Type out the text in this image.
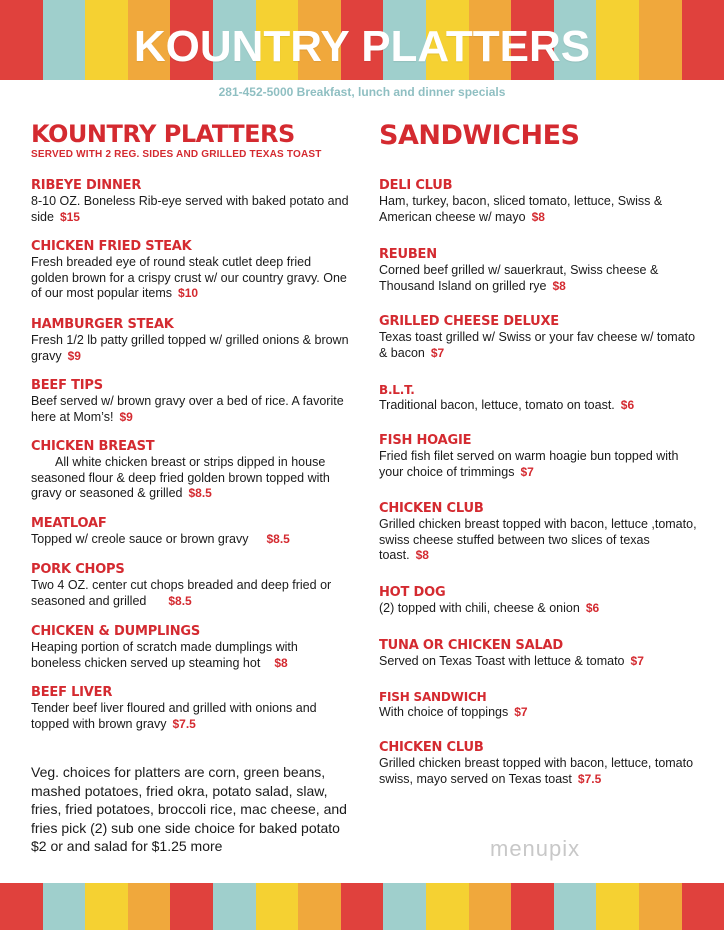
KOUNTRY PLATTERS
281-452-5000 Breakfast, lunch and dinner specials
KOUNTRY PLATTERS
SERVED WITH 2 REG. SIDES AND GRILLED TEXAS TOAST
RIBEYE DINNER
8-10 OZ. Boneless Rib-eye served with baked potato and side $15
CHICKEN FRIED STEAK
Fresh breaded eye of round steak cutlet deep fried golden brown for a crispy crust w/ our country gravy. One of our most popular items $10
HAMBURGER STEAK
Fresh 1/2 lb patty grilled topped w/ grilled onions & brown gravy $9
BEEF TIPS
Beef served w/ brown gravy over a bed of rice. A favorite here at Mom’s! $9
CHICKEN BREAST
All white chicken breast or strips dipped in house seasoned flour & deep fried golden brown topped with gravy or seasoned & grilled $8.5
MEATLOAF
Topped w/ creole sauce or brown gravy $8.5
PORK CHOPS
Two 4 OZ. center cut chops breaded and deep fried or seasoned and grilled $8.5
CHICKEN & DUMPLINGS
Heaping portion of scratch made dumplings with boneless chicken served up steaming hot $8
BEEF LIVER
Tender beef liver floured and grilled with onions and topped with brown gravy $7.5
Veg. choices for platters are corn, green beans, mashed potatoes, fried okra, potato salad, slaw, fries, fried potatoes, broccoli rice, mac cheese, and fries pick (2) sub one side choice for baked potato $2 or and salad for $1.25 more
SANDWICHES
DELI CLUB
Ham, turkey, bacon, sliced tomato, lettuce, Swiss & American cheese w/ mayo $8
REUBEN
Corned beef grilled w/ sauerkraut, Swiss cheese & Thousand Island on grilled rye $8
GRILLED CHEESE DELUXE
Texas toast grilled w/ Swiss or your fav cheese w/ tomato & bacon $7
B.L.T.
Traditional bacon, lettuce, tomato on toast. $6
FISH HOAGIE
Fried fish filet served on warm hoagie bun topped with your choice of trimmings $7
CHICKEN CLUB
Grilled chicken breast topped with bacon, lettuce ,tomato, swiss cheese stuffed between two slices of texas toast. $8
HOT DOG
(2) topped with chili, cheese & onion $6
TUNA OR CHICKEN SALAD
Served on Texas Toast with lettuce & tomato $7
FISH SANDWICH
With choice of toppings $7
CHICKEN CLUB
Grilled chicken breast topped with bacon, lettuce, tomato swiss, mayo served on Texas toast $7.5
menupix
